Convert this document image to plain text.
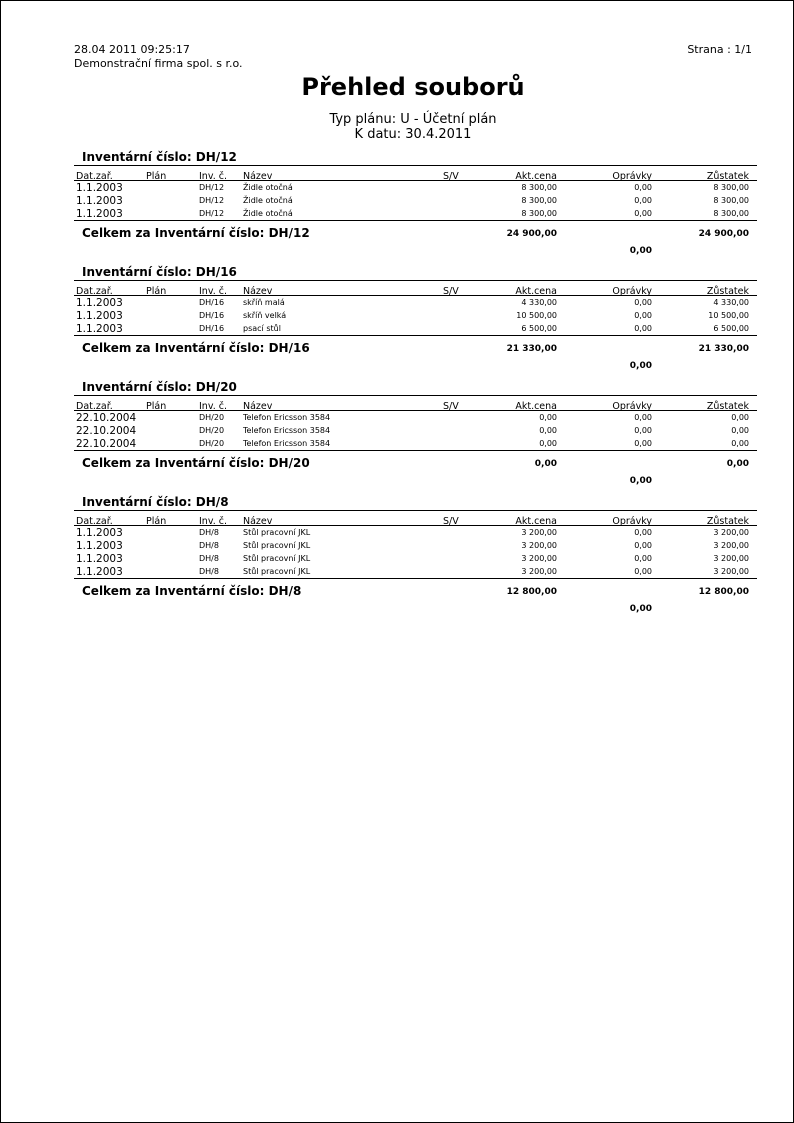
28.04 2011 09:25:17
Demonstrační firma spol. s r.o.
Strana : 1/1
Přehled souborů
Typ plánu: U - Účetní plán
K datu: 30.4.2011
Inventární číslo: DH/12
Dat.zař.	Plán	Inv. č. Název	S/V	Akt.cena	Oprávky	Zůstatek
1.1.2003	DH/12 Židle otočná	8 300,00	0,00	8 300,00
1.1.2003	DH/12 Židle otočná	8 300,00	0,00	8 300,00
1.1.2003	DH/12 Židle otočná	8 300,00	0,00	8 300,00
Celkem za Inventární číslo: DH/12	24 900,00	24 900,00
0,00
Inventární číslo: DH/16
Dat.zař.	Plán	Inv. č. Název	S/V	Akt.cena	Oprávky	Zůstatek
1.1.2003	DH/16 skříň malá	4 330,00	0,00	4 330,00
1.1.2003	DH/16 skříň velká	10 500,00	0,00	10 500,00
1.1.2003	DH/16 psací stůl	6 500,00	0,00	6 500,00
Celkem za Inventární číslo: DH/16	21 330,00	21 330,00
0,00
Inventární číslo: DH/20
Dat.zař.	Plán	Inv. č. Název	S/V	Akt.cena	Oprávky	Zůstatek
22.10.2004	DH/20 Telefon Ericsson 3584	0,00	0,00	0,00
22.10.2004	DH/20 Telefon Ericsson 3584	0,00	0,00	0,00
22.10.2004	DH/20 Telefon Ericsson 3584	0,00	0,00	0,00
Celkem za Inventární číslo: DH/20	0,00	0,00
0,00
Inventární číslo: DH/8
Dat.zař.	Plán	Inv. č. Název	S/V	Akt.cena	Oprávky	Zůstatek
1.1.2003	DH/8	Stůl pracovní JKL	3 200,00	0,00	3 200,00
1.1.2003	DH/8	Stůl pracovní JKL	3 200,00	0,00	3 200,00
1.1.2003	DH/8	Stůl pracovní JKL	3 200,00	0,00	3 200,00
1.1.2003	DH/8	Stůl pracovní JKL	3 200,00	0,00	3 200,00
Celkem za Inventární číslo: DH/8	12 800,00	12 800,00
0,00
